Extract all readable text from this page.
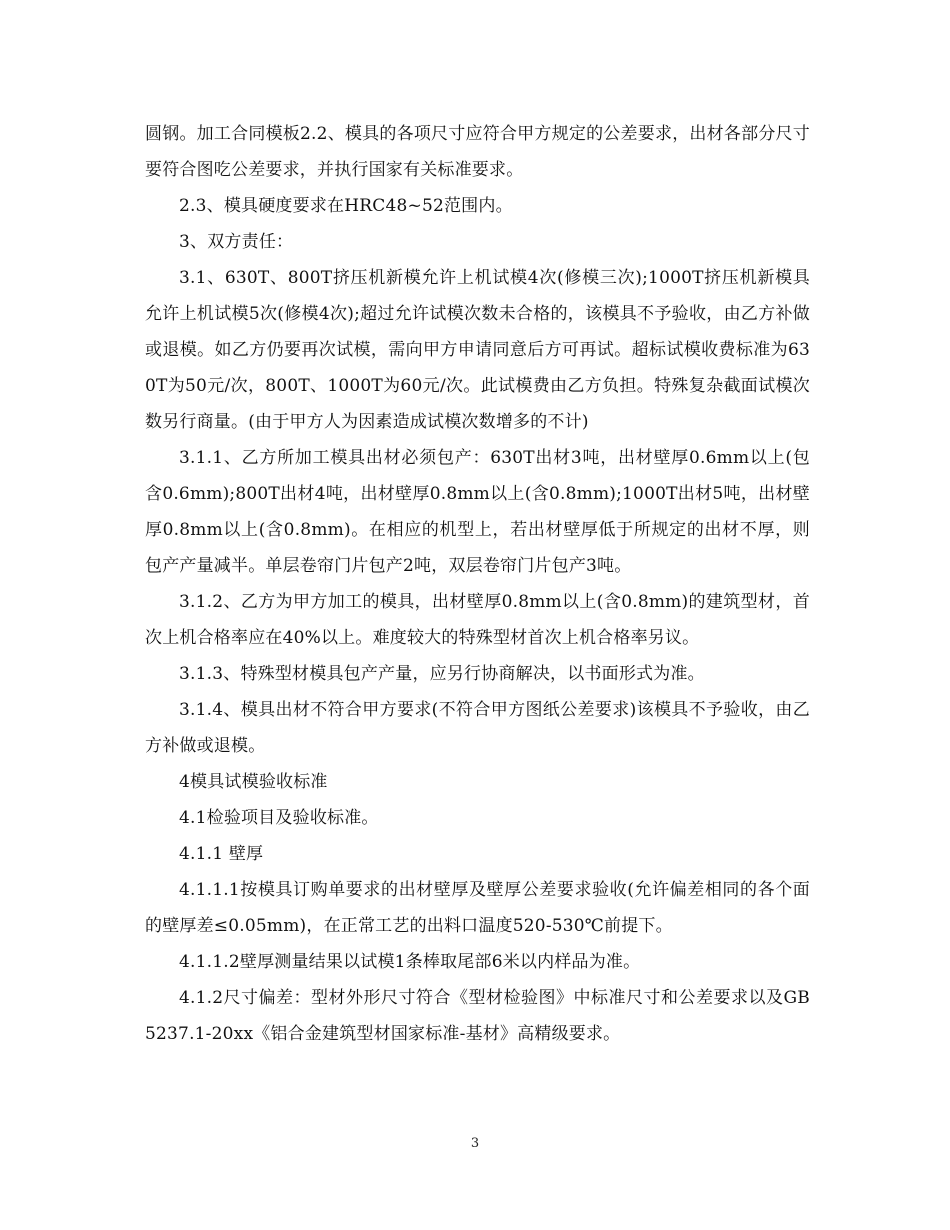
圆钢。加工合同模板2.2、模具的各项尺寸应符合甲方规定的公差要求，出材各部分尺寸要符合图吃公差要求，并执行国家有关标准要求。

2.3、模具硬度要求在HRC48~52范围内。

3、双方责任：

3.1、630T、800T挤压机新模允许上机试模4次(修模三次);1000T挤压机新模具允许上机试模5次(修模4次);超过允许试模次数未合格的，该模具不予验收，由乙方补做或退模。如乙方仍要再次试模，需向甲方申请同意后方可再试。超标试模收费标准为630T为50元/次，800T、1000T为60元/次。此试模费由乙方负担。特殊复杂截面试模次数另行商量。(由于甲方人为因素造成试模次数增多的不计)

3.1.1、乙方所加工模具出材必须包产：630T出材3吨，出材壁厚0.6mm以上(包含0.6mm);800T出材4吨，出材壁厚0.8mm以上(含0.8mm);1000T出材5吨，出材壁厚0.8mm以上(含0.8mm)。在相应的机型上，若出材壁厚低于所规定的出材不厚，则包产产量减半。单层卷帘门片包产2吨，双层卷帘门片包产3吨。

3.1.2、乙方为甲方加工的模具，出材壁厚0.8mm以上(含0.8mm)的建筑型材，首次上机合格率应在40%以上。难度较大的特殊型材首次上机合格率另议。

3.1.3、特殊型材模具包产产量，应另行协商解决，以书面形式为准。

3.1.4、模具出材不符合甲方要求(不符合甲方图纸公差要求)该模具不予验收，由乙方补做或退模。

4模具试模验收标准

4.1检验项目及验收标准。

4.1.1 壁厚

4.1.1.1按模具订购单要求的出材壁厚及壁厚公差要求验收(允许偏差相同的各个面的壁厚差≤0.05mm)，在正常工艺的出料口温度520-530℃前提下。

4.1.1.2壁厚测量结果以试模1条棒取尾部6米以内样品为准。

4.1.2尺寸偏差：型材外形尺寸符合《型材检验图》中标准尺寸和公差要求以及GB5237.1-20xx《铝合金建筑型材国家标准-基材》高精级要求。

3
